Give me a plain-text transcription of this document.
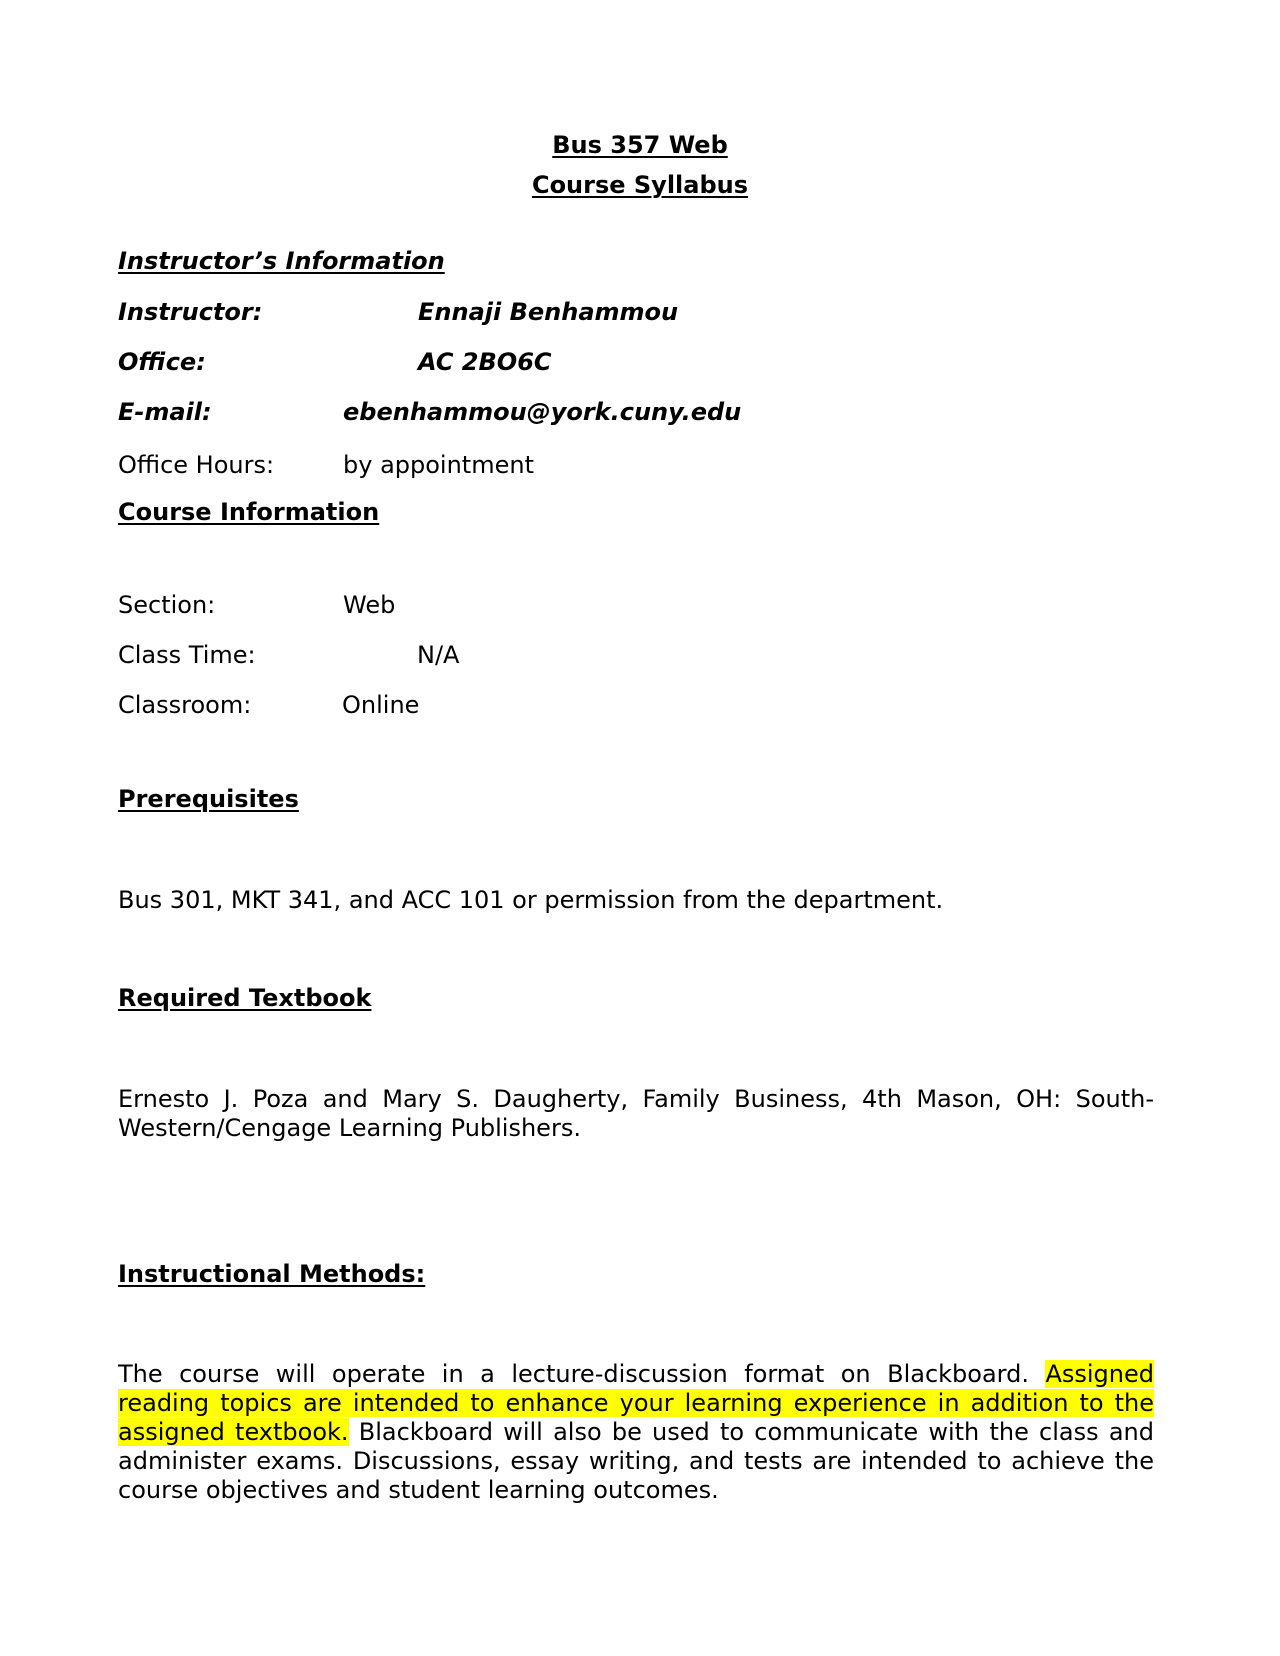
Bus 357 Web
Course Syllabus
Instructor’s Information
Instructor:	Ennaji Benhammou
Office:	AC 2BO6C
E-mail:	ebenhammou@york.cuny.edu
Office Hours:	by appointment
Course Information
Section:	Web
Class Time:	N/A
Classroom:	Online
Prerequisites
Bus 301, MKT 341, and ACC 101 or permission from the department.
Required Textbook
Ernesto J. Poza and Mary S. Daugherty, Family Business, 4th Mason, OH: South-Western/Cengage Learning Publishers.
Instructional Methods:
The course will operate in a lecture-discussion format on Blackboard. Assigned reading topics are intended to enhance your learning experience in addition to the assigned textbook. Blackboard will also be used to communicate with the class and administer exams. Discussions, essay writing, and tests are intended to achieve the course objectives and student learning outcomes.
